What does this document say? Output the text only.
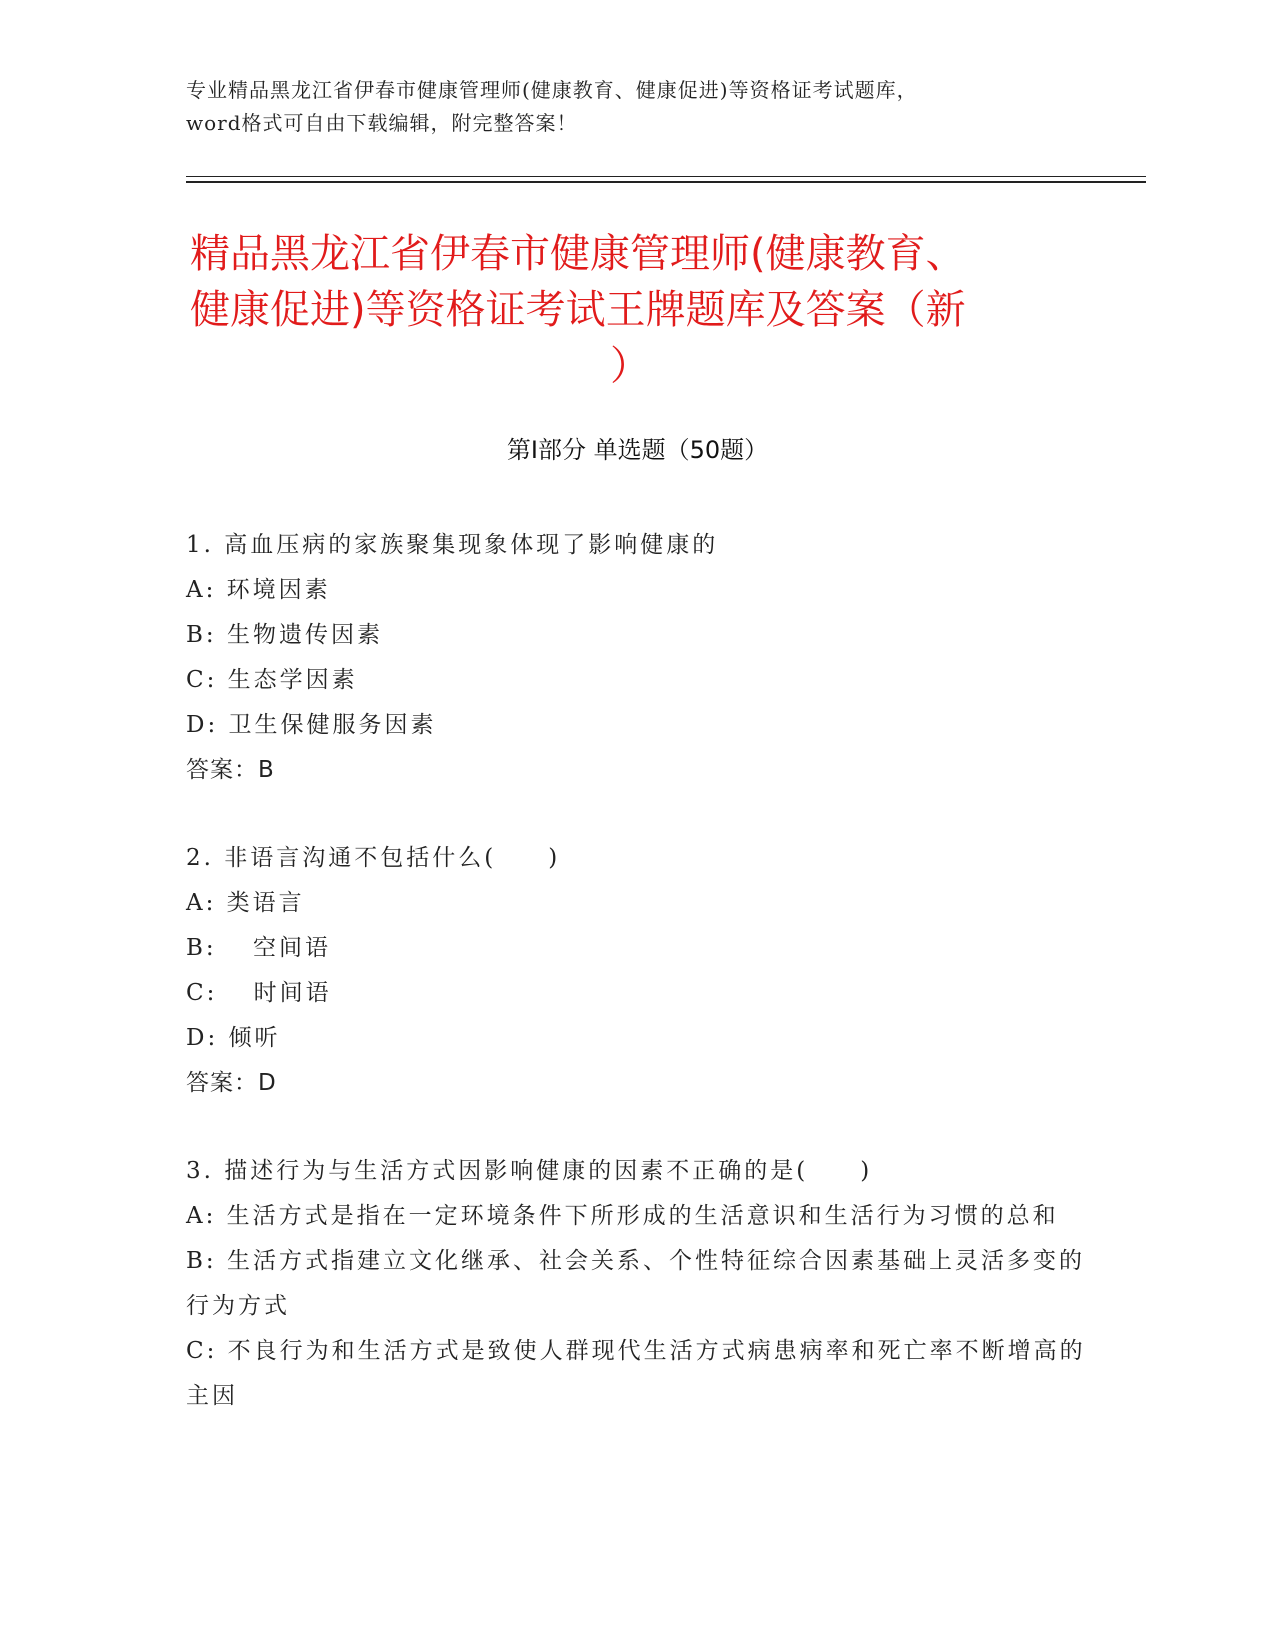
专业精品黑龙江省伊春市健康管理师(健康教育、健康促进)等资格证考试题库，
word格式可自由下载编辑，附完整答案！
精品黑龙江省伊春市健康管理师(健康教育、
健康促进)等资格证考试王牌题库及答案（新
）
第Ⅰ部分 单选题（50题）
1. 高血压病的家族聚集现象体现了影响健康的
A: 环境因素
B: 生物遗传因素
C: 生态学因素
D: 卫生保健服务因素
答案：B
2. 非语言沟通不包括什么(　　)
A: 类语言
B: 　空间语
C: 　时间语
D: 倾听
答案：D
3. 描述行为与生活方式因影响健康的因素不正确的是(　　)
A: 生活方式是指在一定环境条件下所形成的生活意识和生活行为习惯的总和
B: 生活方式指建立文化继承、社会关系、个性特征综合因素基础上灵活多变的行为方式
C: 不良行为和生活方式是致使人群现代生活方式病患病率和死亡率不断增高的主因
